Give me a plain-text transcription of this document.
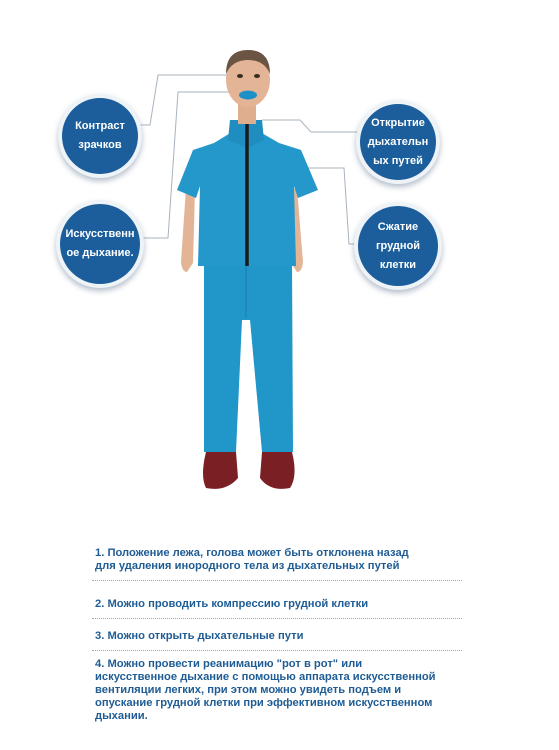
Контраст
зрачков
Искусственн
ое дыхание.
Открытие
дыхательн
ых путей
Сжатие
грудной
клетки
1. Положение лежа, голова может быть отклонена назад
для удаления инородного тела из дыхательных путей
2. Можно проводить компрессию грудной клетки
3. Можно открыть дыхательные пути
4. Можно провести реанимацию "рот в рот" или
искусственное дыхание с помощью аппарата искусственной
вентиляции легких, при этом можно увидеть подъем и
опускание грудной клетки при эффективном искусственном
дыхании.
